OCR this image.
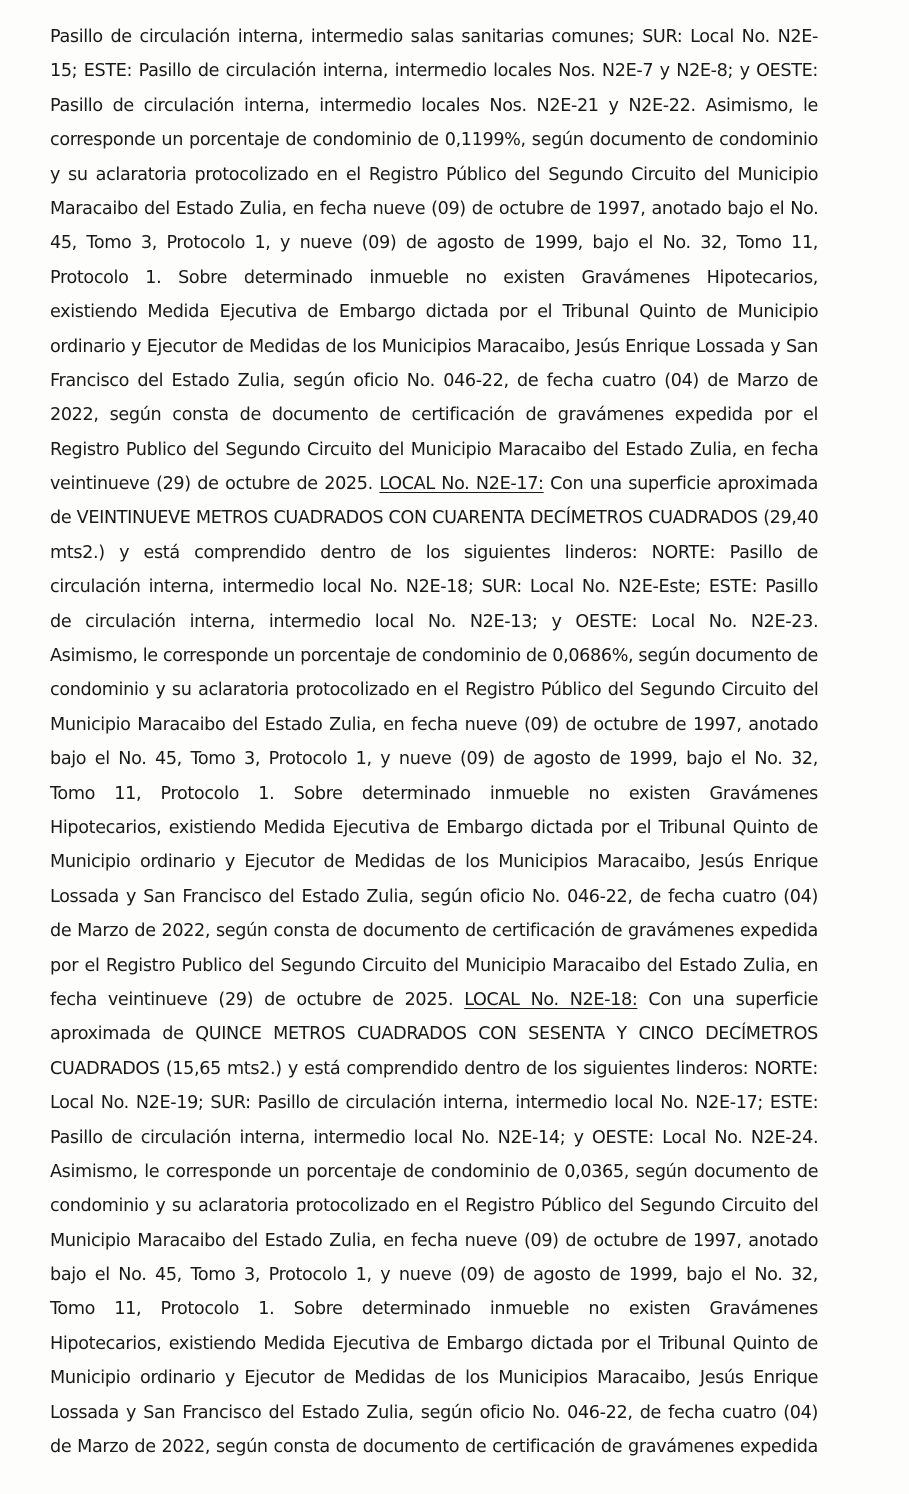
Pasillo de circulación interna, intermedio salas sanitarias comunes; SUR: Local No. N2E-
15; ESTE: Pasillo de circulación interna, intermedio locales Nos. N2E-7 y N2E-8; y OESTE:
Pasillo de circulación interna, intermedio locales Nos. N2E-21 y N2E-22. Asimismo, le
corresponde un porcentaje de condominio de 0,1199%, según documento de condominio
y su aclaratoria protocolizado en el Registro Público del Segundo Circuito del Municipio
Maracaibo del Estado Zulia, en fecha nueve (09) de octubre de 1997, anotado bajo el No.
45, Tomo 3, Protocolo 1, y nueve (09) de agosto de 1999, bajo el No. 32, Tomo 11,
Protocolo 1. Sobre determinado inmueble no existen Gravámenes Hipotecarios,
existiendo Medida Ejecutiva de Embargo dictada por el Tribunal Quinto de Municipio
ordinario y Ejecutor de Medidas de los Municipios Maracaibo, Jesús Enrique Lossada y San
Francisco del Estado Zulia, según oficio No. 046-22, de fecha cuatro (04) de Marzo de
2022, según consta de documento de certificación de gravámenes expedida por el
Registro Publico del Segundo Circuito del Municipio Maracaibo del Estado Zulia, en fecha
veintinueve (29) de octubre de 2025. LOCAL No. N2E-17: Con una superficie aproximada
de VEINTINUEVE METROS CUADRADOS CON CUARENTA DECÍMETROS CUADRADOS (29,40
mts2.) y está comprendido dentro de los siguientes linderos: NORTE: Pasillo de
circulación interna, intermedio local No. N2E-18; SUR: Local No. N2E-Este; ESTE: Pasillo
de circulación interna, intermedio local No. N2E-13; y OESTE: Local No. N2E-23.
Asimismo, le corresponde un porcentaje de condominio de 0,0686%, según documento de
condominio y su aclaratoria protocolizado en el Registro Público del Segundo Circuito del
Municipio Maracaibo del Estado Zulia, en fecha nueve (09) de octubre de 1997, anotado
bajo el No. 45, Tomo 3, Protocolo 1, y nueve (09) de agosto de 1999, bajo el No. 32,
Tomo 11, Protocolo 1. Sobre determinado inmueble no existen Gravámenes
Hipotecarios, existiendo Medida Ejecutiva de Embargo dictada por el Tribunal Quinto de
Municipio ordinario y Ejecutor de Medidas de los Municipios Maracaibo, Jesús Enrique
Lossada y San Francisco del Estado Zulia, según oficio No. 046-22, de fecha cuatro (04)
de Marzo de 2022, según consta de documento de certificación de gravámenes expedida
por el Registro Publico del Segundo Circuito del Municipio Maracaibo del Estado Zulia, en
fecha veintinueve (29) de octubre de 2025. LOCAL No. N2E-18: Con una superficie
aproximada de QUINCE METROS CUADRADOS CON SESENTA Y CINCO DECÍMETROS
CUADRADOS (15,65 mts2.) y está comprendido dentro de los siguientes linderos: NORTE:
Local No. N2E-19; SUR: Pasillo de circulación interna, intermedio local No. N2E-17; ESTE:
Pasillo de circulación interna, intermedio local No. N2E-14; y OESTE: Local No. N2E-24.
Asimismo, le corresponde un porcentaje de condominio de 0,0365, según documento de
condominio y su aclaratoria protocolizado en el Registro Público del Segundo Circuito del
Municipio Maracaibo del Estado Zulia, en fecha nueve (09) de octubre de 1997, anotado
bajo el No. 45, Tomo 3, Protocolo 1, y nueve (09) de agosto de 1999, bajo el No. 32,
Tomo 11, Protocolo 1. Sobre determinado inmueble no existen Gravámenes
Hipotecarios, existiendo Medida Ejecutiva de Embargo dictada por el Tribunal Quinto de
Municipio ordinario y Ejecutor de Medidas de los Municipios Maracaibo, Jesús Enrique
Lossada y San Francisco del Estado Zulia, según oficio No. 046-22, de fecha cuatro (04)
de Marzo de 2022, según consta de documento de certificación de gravámenes expedida
